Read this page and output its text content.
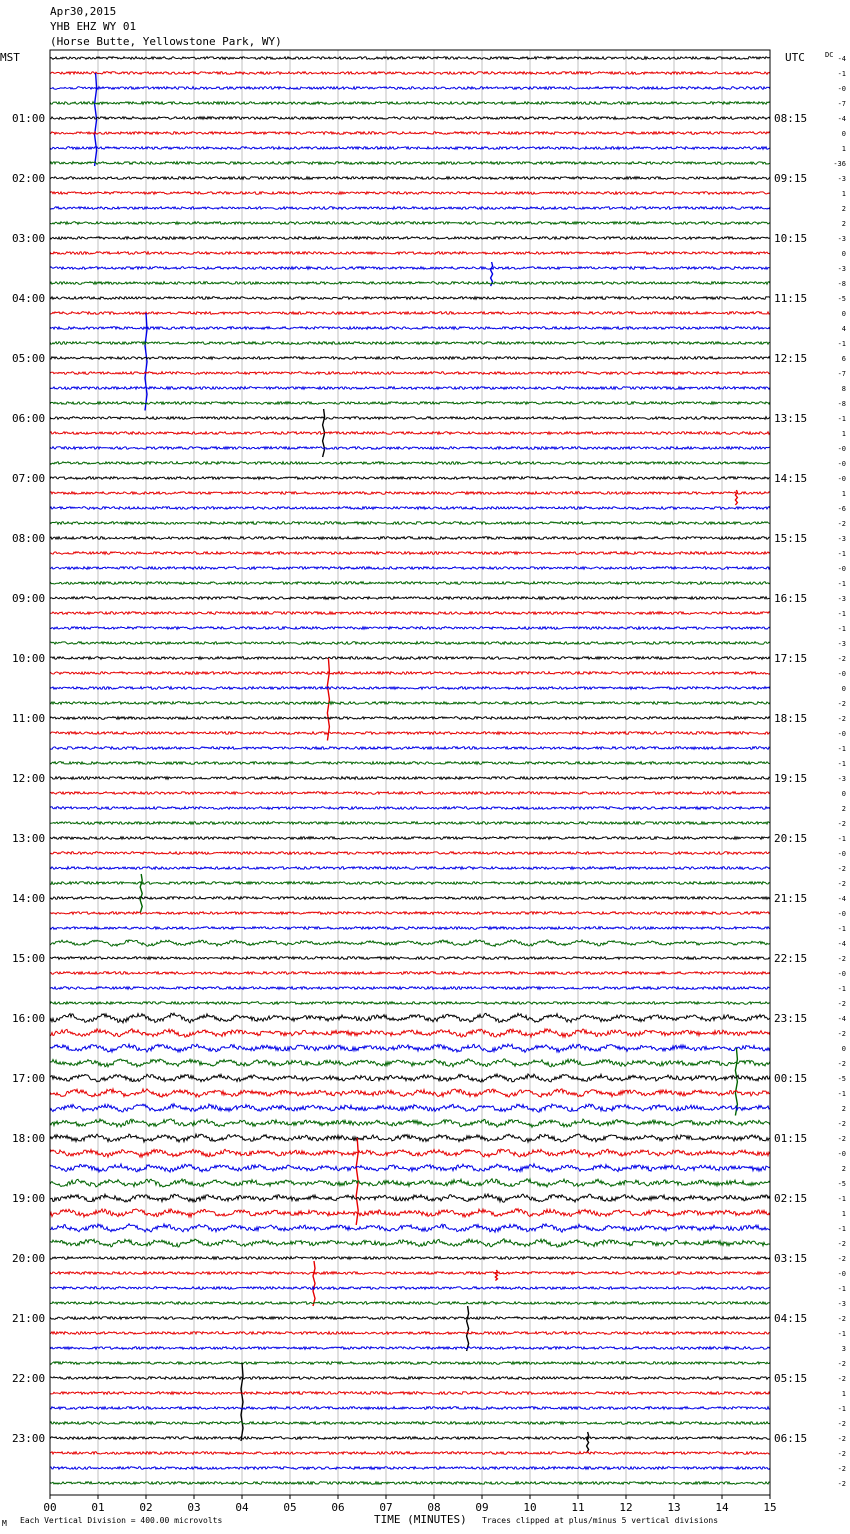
Apr30,2015
YHB EHZ WY 01
(Horse Butte, Yellowstone Park, WY)
01:00
02:00
03:00
04:00
05:00
06:00
07:00
08:00
09:00
10:00
11:00
12:00
13:00
14:00
15:00
16:00
17:00
18:00
19:00
20:00
21:00
22:00
23:00
08:15
09:15
10:15
11:15
12:15
13:15
14:15
15:15
16:15
17:15
18:15
19:15
20:15
21:15
22:15
23:15
00:15
01:15
02:15
03:15
04:15
05:15
06:15
-4
-1
-0
-7
-4
0
1
-36
-3
1
2
2
-3
0
-3
-8
-5
0
4
-1
6
-7
8
-8
-1
1
-0
-0
-0
1
-6
-2
-3
-1
-0
-1
-3
-1
-1
-3
-2
-0
0
-2
-2
-0
-1
-1
-3
0
2
-2
-1
-0
-2
-2
-4
-0
-1
-4
-2
-0
-1
-2
-4
-2
0
-2
-5
-1
2
-2
-2
-0
2
-5
-1
1
-1
-2
-2
-0
-1
-3
-2
-1
3
-2
-2
1
-1
-2
-2
-2
-2
-2
00	01	02	03	04	05	06	07	08	09	10	11	12	13	14	15
MST	UTC	DC
TIME (MINUTES)
Each Vertical Division = 400.00 microvolts	Traces clipped at plus/minus 5 vertical divisions
M
